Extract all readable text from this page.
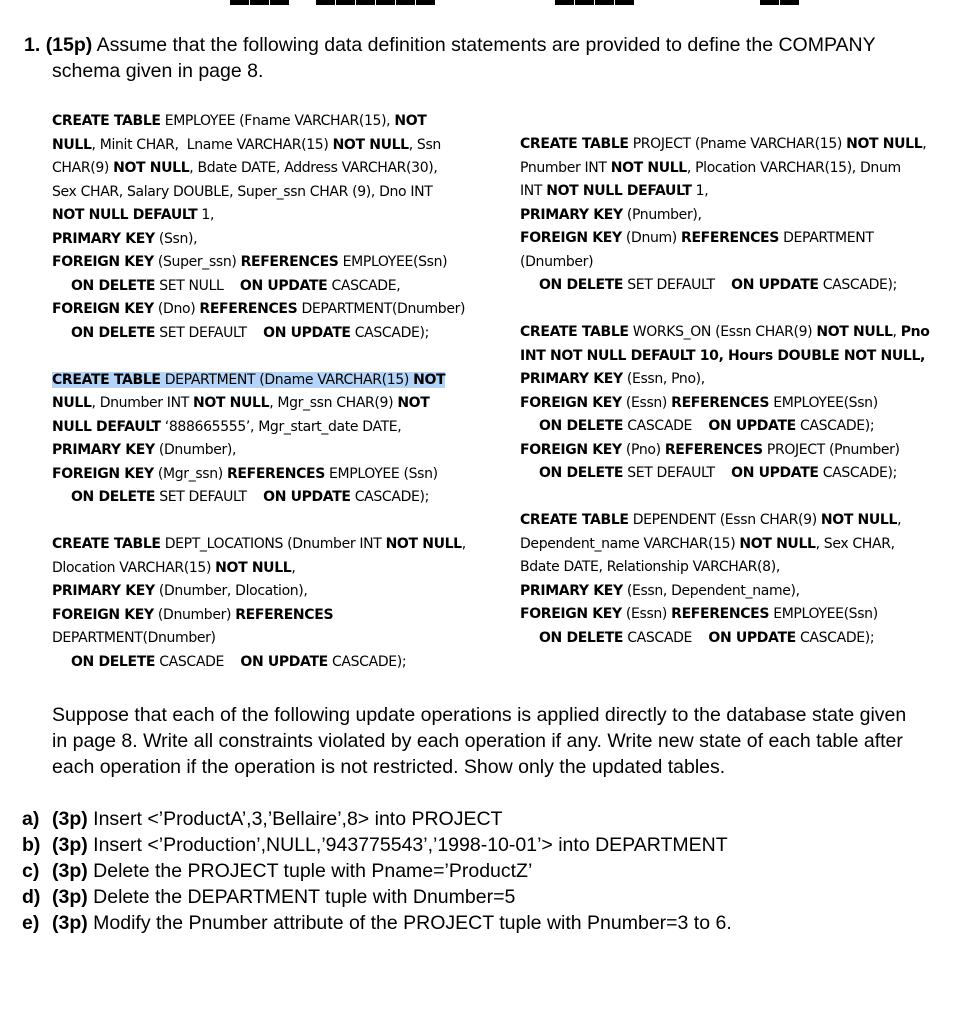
1. (15p) Assume that the following data definition statements are provided to define the COMPANY
schema given in page 8.
CREATE TABLE EMPLOYEE (Fname VARCHAR(15), NOT
NULL, Minit CHAR,  Lname VARCHAR(15) NOT NULL, Ssn
CHAR(9) NOT NULL, Bdate DATE, Address VARCHAR(30),
Sex CHAR, Salary DOUBLE, Super_ssn CHAR (9), Dno INT
NOT NULL DEFAULT 1,
PRIMARY KEY (Ssn),
FOREIGN KEY (Super_ssn) REFERENCES EMPLOYEE(Ssn)
ON DELETE SET NULL    ON UPDATE CASCADE,
FOREIGN KEY (Dno) REFERENCES DEPARTMENT(Dnumber)
ON DELETE SET DEFAULT    ON UPDATE CASCADE);
CREATE TABLE DEPARTMENT (Dname VARCHAR(15) NOT
NULL, Dnumber INT NOT NULL, Mgr_ssn CHAR(9) NOT
NULL DEFAULT ‘888665555’, Mgr_start_date DATE,
PRIMARY KEY (Dnumber),
FOREIGN KEY (Mgr_ssn) REFERENCES EMPLOYEE (Ssn)
ON DELETE SET DEFAULT    ON UPDATE CASCADE);
CREATE TABLE DEPT_LOCATIONS (Dnumber INT NOT NULL,
Dlocation VARCHAR(15) NOT NULL,
PRIMARY KEY (Dnumber, Dlocation),
FOREIGN KEY (Dnumber) REFERENCES
DEPARTMENT(Dnumber)
ON DELETE CASCADE    ON UPDATE CASCADE);
CREATE TABLE PROJECT (Pname VARCHAR(15) NOT NULL,
Pnumber INT NOT NULL, Plocation VARCHAR(15), Dnum
INT NOT NULL DEFAULT 1,
PRIMARY KEY (Pnumber),
FOREIGN KEY (Dnum) REFERENCES DEPARTMENT
(Dnumber)
ON DELETE SET DEFAULT    ON UPDATE CASCADE);
CREATE TABLE WORKS_ON (Essn CHAR(9) NOT NULL, Pno
INT NOT NULL DEFAULT 10, Hours DOUBLE NOT NULL,
PRIMARY KEY (Essn, Pno),
FOREIGN KEY (Essn) REFERENCES EMPLOYEE(Ssn)
ON DELETE CASCADE    ON UPDATE CASCADE);
FOREIGN KEY (Pno) REFERENCES PROJECT (Pnumber)
ON DELETE SET DEFAULT    ON UPDATE CASCADE);
CREATE TABLE DEPENDENT (Essn CHAR(9) NOT NULL,
Dependent_name VARCHAR(15) NOT NULL, Sex CHAR,
Bdate DATE, Relationship VARCHAR(8),
PRIMARY KEY (Essn, Dependent_name),
FOREIGN KEY (Essn) REFERENCES EMPLOYEE(Ssn)
ON DELETE CASCADE    ON UPDATE CASCADE);
Suppose that each of the following update operations is applied directly to the database state given
in page 8. Write all constraints violated by each operation if any. Write new state of each table after
each operation if the operation is not restricted. Show only the updated tables.
a) (3p) Insert <’ProductA’,3,’Bellaire’,8> into PROJECT
b) (3p) Insert <’Production’,NULL,’943775543’,’1998-10-01’> into DEPARTMENT
c) (3p) Delete the PROJECT tuple with Pname=’ProductZ’
d) (3p) Delete the DEPARTMENT tuple with Dnumber=5
e) (3p) Modify the Pnumber attribute of the PROJECT tuple with Pnumber=3 to 6.
